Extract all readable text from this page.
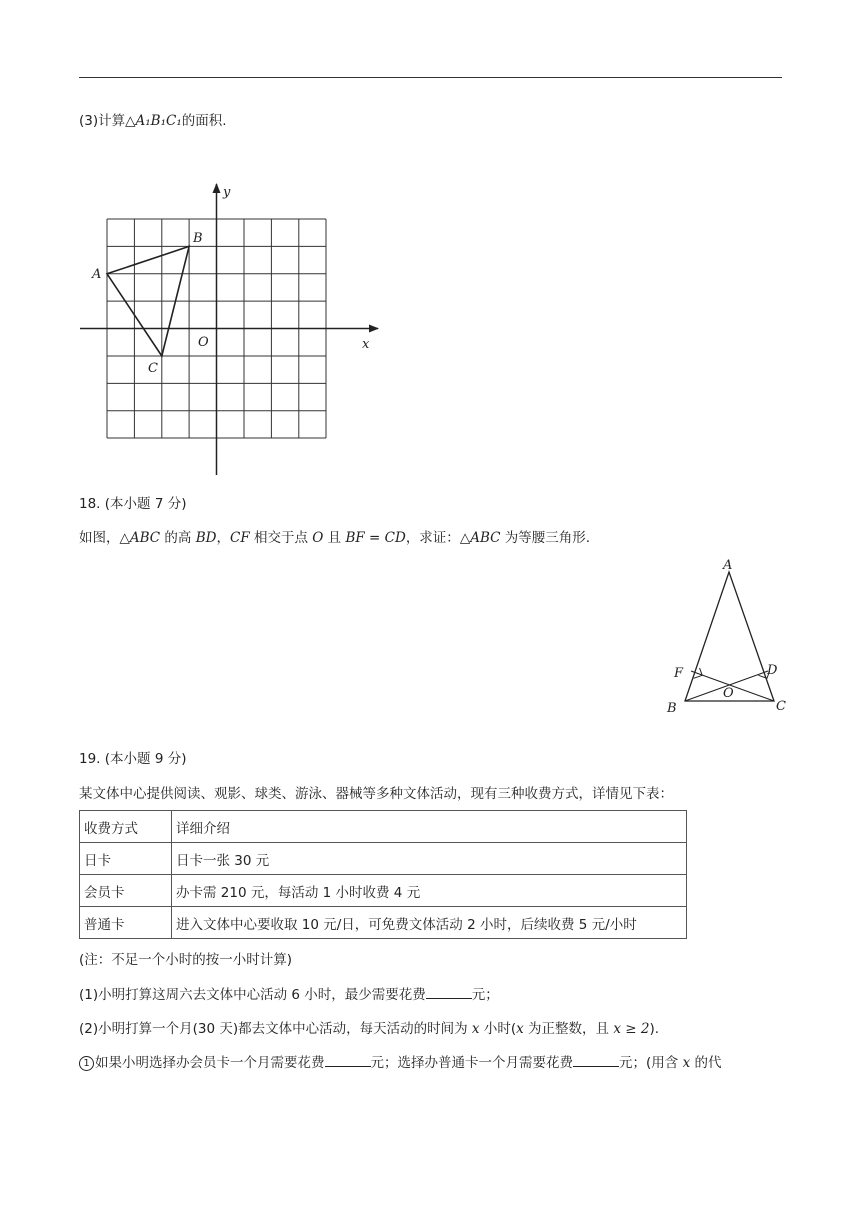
(3)计算△A₁B₁C₁的面积.
y
x
O
A
B
C
18. (本小题 7 分)
如图，△ABC 的高 BD，CF 相交于点 O 且 BF = CD，求证：△ABC 为等腰三角形.
A
B	C
D
F
O
19. (本小题 9 分)
某文体中心提供阅读、观影、球类、游泳、器械等多种文体活动，现有三种收费方式，详情见下表：
收费方式	详细介绍
日卡	日卡一张 30 元
会员卡	办卡需 210 元，每活动 1 小时收费 4 元
普通卡	进入文体中心要收取 10 元/日，可免费文体活动 2 小时，后续收费 5 元/小时
(注：不足一个小时的按一小时计算)
(1)小明打算这周六去文体中心活动 6 小时，最少需要花费	元；
(2)小明打算一个月(30 天)都去文体中心活动，每天活动的时间为 x 小时(x 为正整数，且 x ≥ 2).
1 如果小明选择办会员卡一个月需要花费	元；选择办普通卡一个月需要花费	元；(用含 x 的代
